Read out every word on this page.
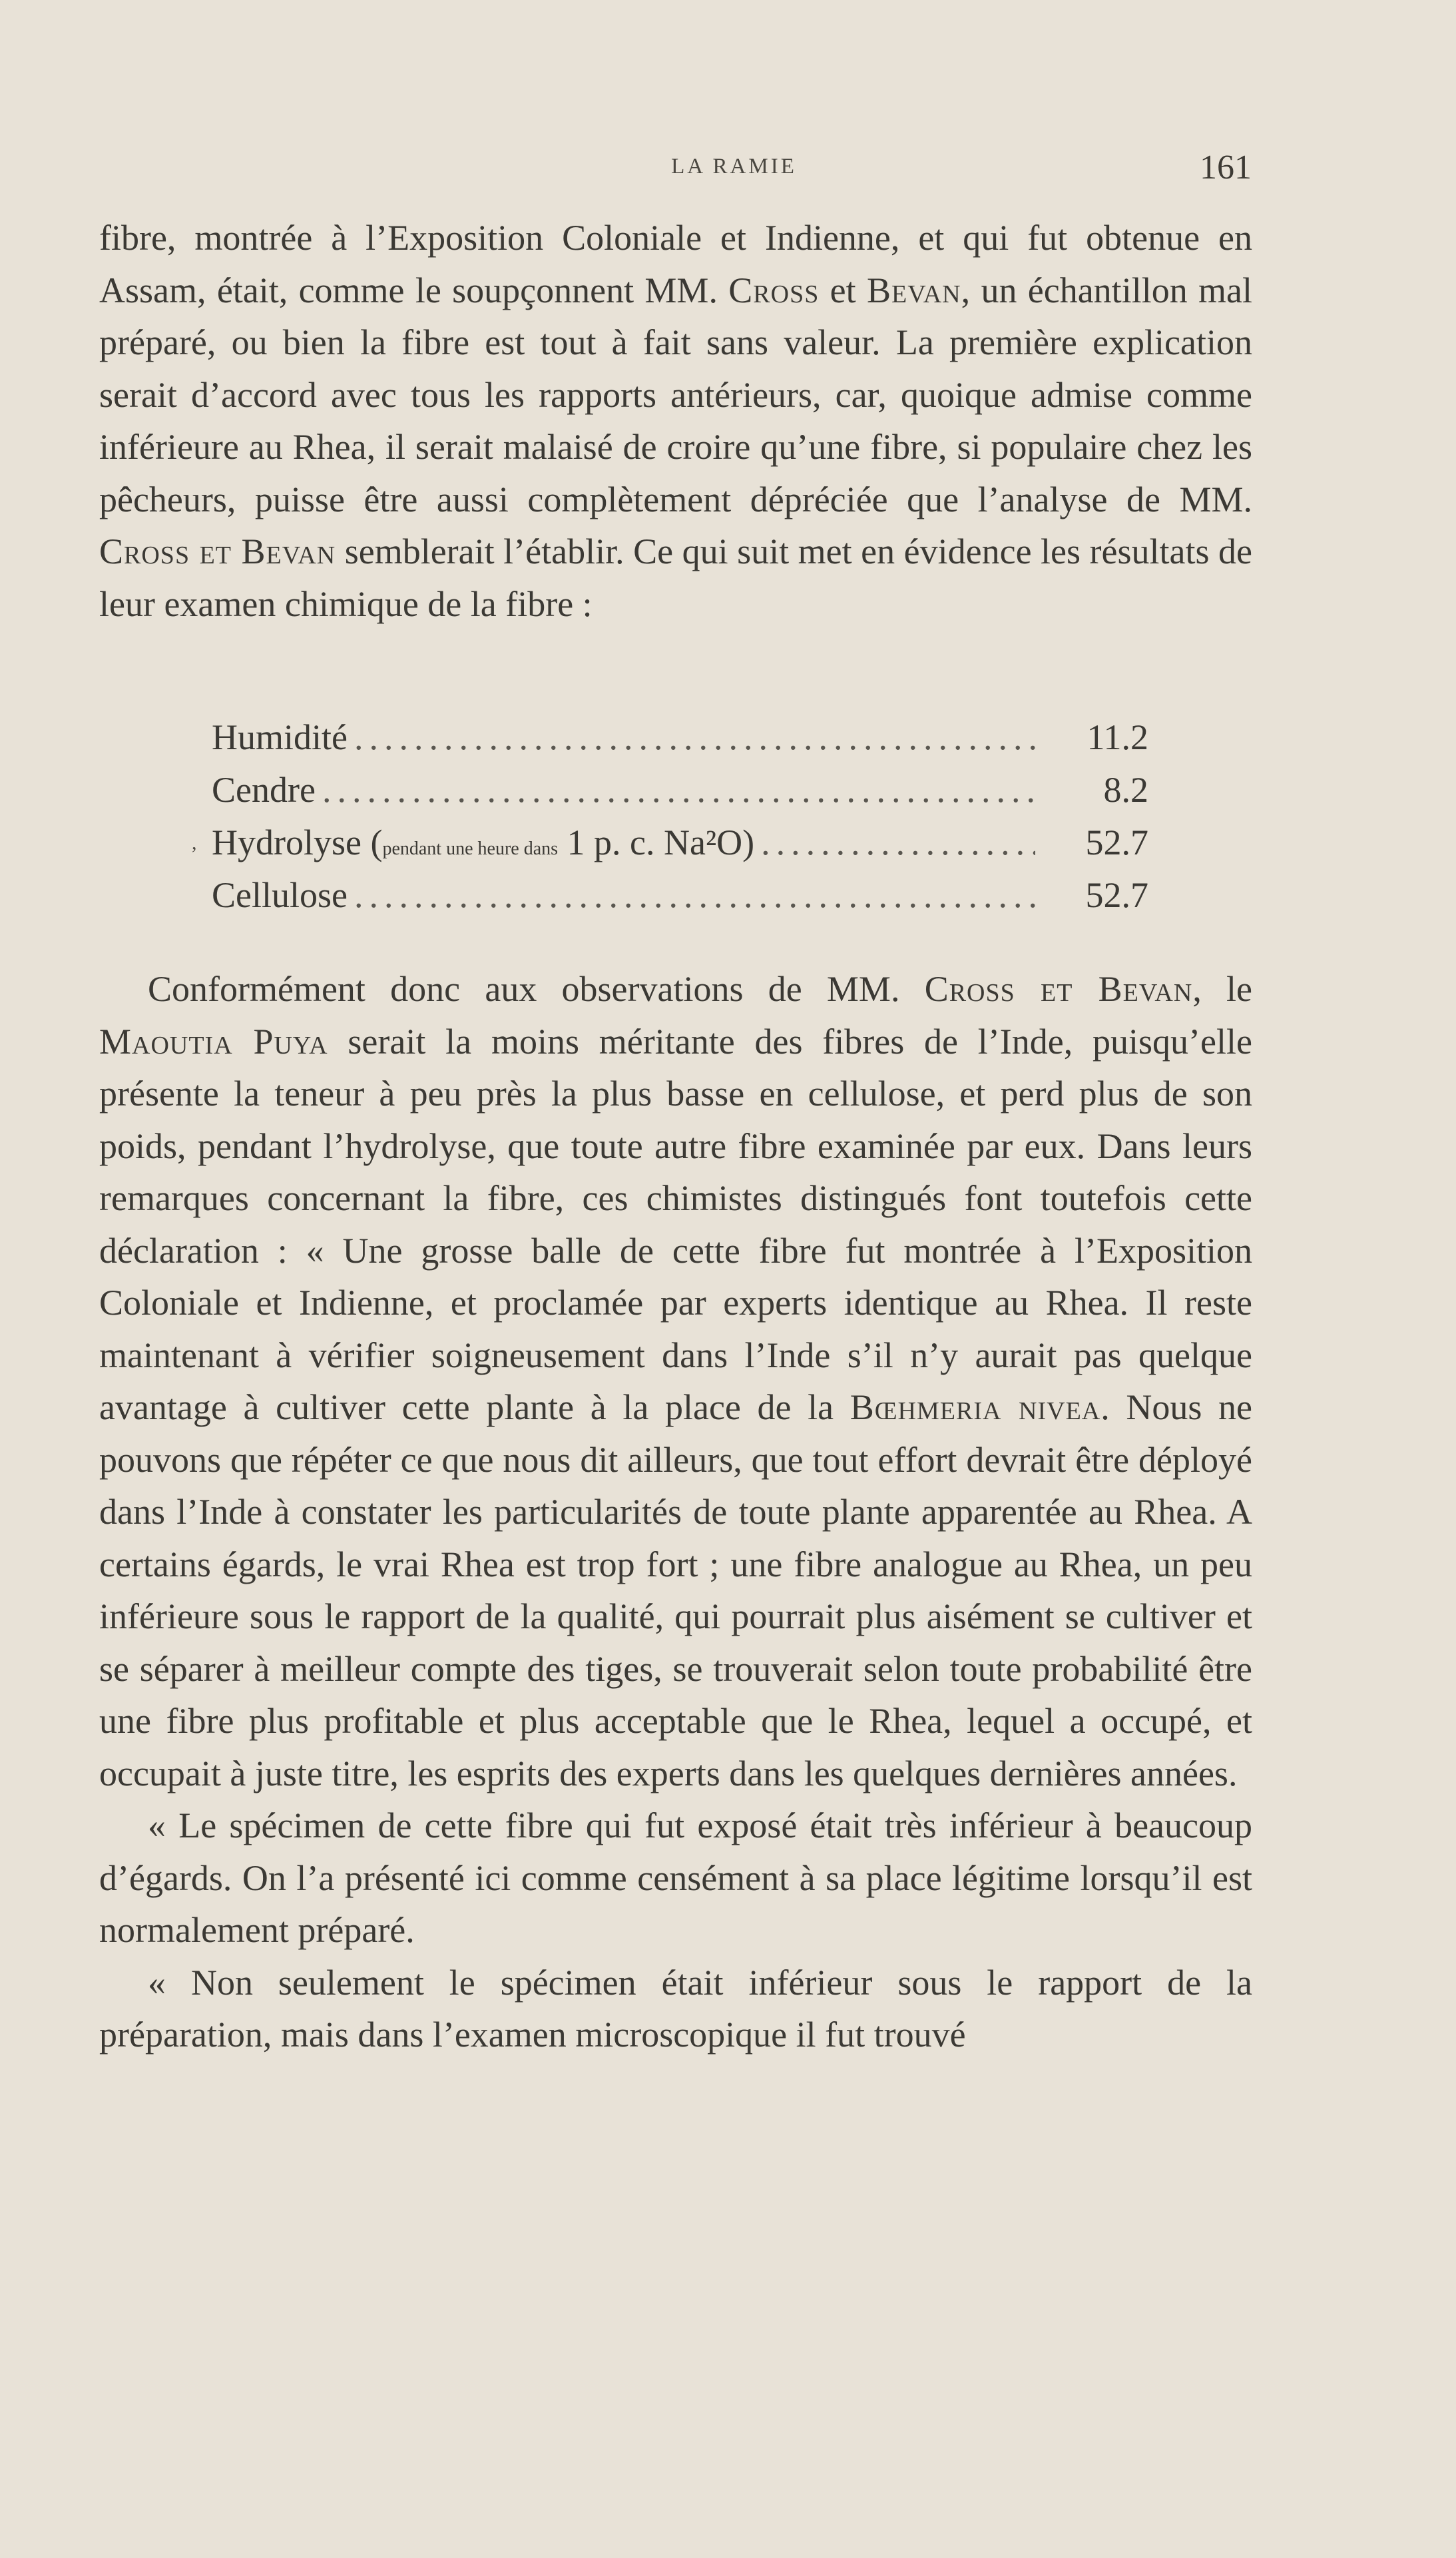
LA RAMIE	161

fibre, montrée à l’Exposition Coloniale et Indienne, et qui fut obtenue en Assam, était, comme le soupçonnent MM. Cross et Bevan, un échantillon mal préparé, ou bien la fibre est tout à fait sans valeur. La première explication serait d’accord avec tous les rapports antérieurs, car, quoique admise comme inférieure au Rhea, il serait malaisé de croire qu’une fibre, si populaire chez les pêcheurs, puisse être aussi complètement dépréciée que l’analyse de MM. Cross et Bevan semblerait l’établir. Ce qui suit met en évidence les résultats de leur examen chimique de la fibre :

Humidité .....	11.2
Cendre .....	8.2
, Hydrolyse (pendant une heure dans 1 p. c. Na²O) .....	52.7
Cellulose .....	52.7

Conformément donc aux observations de MM. Cross et Bevan, le Maoutia Puya serait la moins méritante des fibres de l’Inde, puisqu’elle présente la teneur à peu près la plus basse en cellulose, et perd plus de son poids, pendant l’hydrolyse, que toute autre fibre examinée par eux. Dans leurs remarques concernant la fibre, ces chimistes distingués font toutefois cette déclaration : « Une grosse balle de cette fibre fut montrée à l’Exposition Coloniale et Indienne, et proclamée par experts identique au Rhea. Il reste maintenant à vérifier soigneusement dans l’Inde s’il n’y aurait pas quelque avantage à cultiver cette plante à la place de la Bœhmeria nivea. Nous ne pouvons que répéter ce que nous dit ailleurs, que tout effort devrait être déployé dans l’Inde à constater les particularités de toute plante apparentée au Rhea. A certains égards, le vrai Rhea est trop fort ; une fibre analogue au Rhea, un peu inférieure sous le rapport de la qualité, qui pourrait plus aisément se cultiver et se séparer à meilleur compte des tiges, se trouverait selon toute probabilité être une fibre plus profitable et plus acceptable que le Rhea, lequel a occupé, et occupait à juste titre, les esprits des experts dans les quelques dernières années.

« Le spécimen de cette fibre qui fut exposé était très inférieur à beaucoup d’égards. On l’a présenté ici comme censément à sa place légitime lorsqu’il est normalement préparé.

« Non seulement le spécimen était inférieur sous le rapport de la préparation, mais dans l’examen microscopique il fut trouvé
